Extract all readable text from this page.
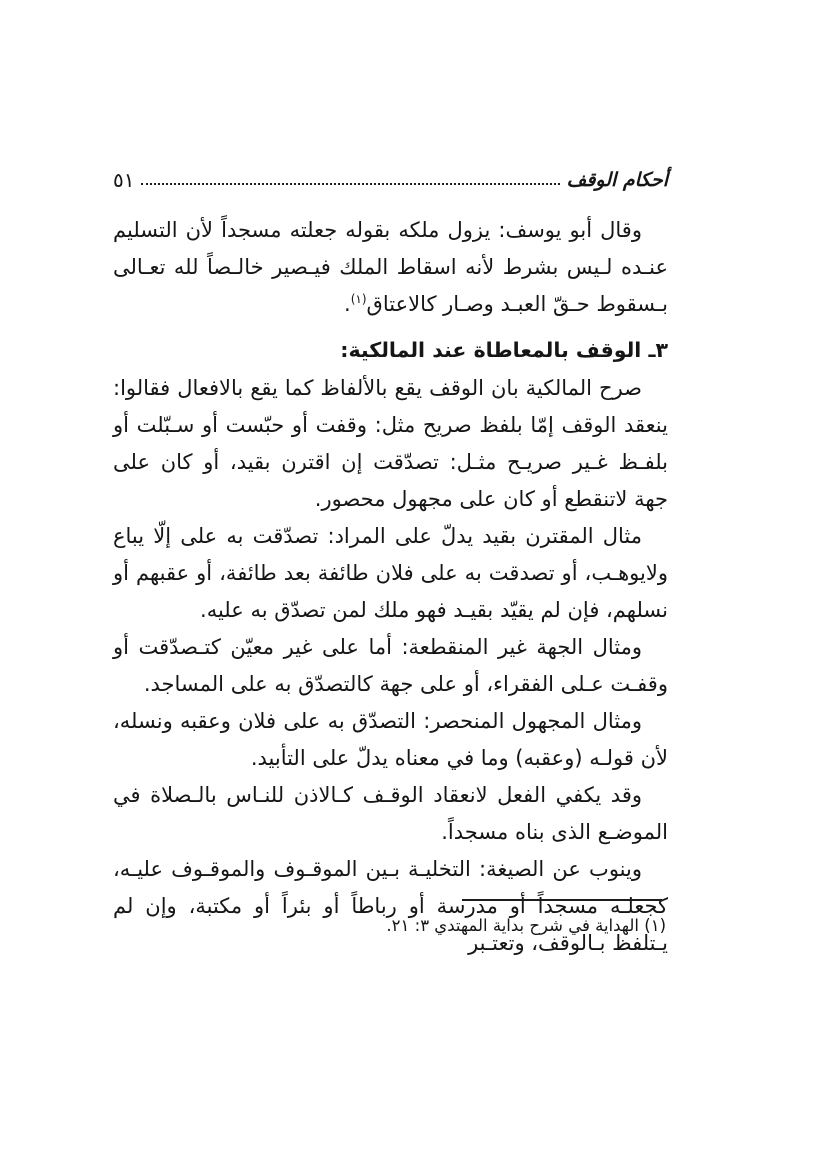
أحكام الوقف
٥١

وقال أبو يوسف: يزول ملكه بقوله جعلته مسجداً لأن التسليم عنـده لـيس بشرط لأنه اسقاط الملك فيـصير خالـصاً لله تعـالى بـسقوط حـقّ العبـد وصـار كالاعتاق$^{(١)}$.

٣ـ الوقف بالمعاطاة عند المالكية:

صرح المالكية بان الوقف يقع بالألفاظ كما يقع بالافعال فقالوا: ينعقد الوقف إمّا بلفظ صريح مثل: وقفت أو حبّست أو سـبّلت أو بلفـظ غـير صريـح مثـل: تصدّقت إن اقترن بقيد، أو كان على جهة لاتنقطع أو كان على مجهول محصور.

مثال المقترن بقيد يدلّ على المراد: تصدّقت به على إلّا يباع ولايوهـب، أو تصدقت به على فلان طائفة بعد طائفة، أو عقبهم أو نسلهم، فإن لم يقيّد بقيـد فهو ملك لمن تصدّق به عليه.

ومثال الجهة غير المنقطعة: أما على غير معيّن كتـصدّقت أو وقفـت عـلى الفقراء، أو على جهة كالتصدّق به على المساجد.

ومثال المجهول المنحصر: التصدّق به على فلان وعقبه ونسله، لأن قولـه (وعقبه) وما في معناه يدلّ على التأبيد.

وقد يكفي الفعل لانعقاد الوقـف كـالاذن للنـاس بالـصلاة في الموضـع الذى بناه مسجداً.

وينوب عن الصيغة: التخليـة بـين الموقـوف والموقـوف عليـه، كجعلـه مسجداً أو مدرسة أو رباطاً أو بئراً أو مكتبة، وإن لم يـتلفظ بـالوقف، وتعتـبر

(١) الهداية في شرح بداية المهتدي ٣: ٢١.
